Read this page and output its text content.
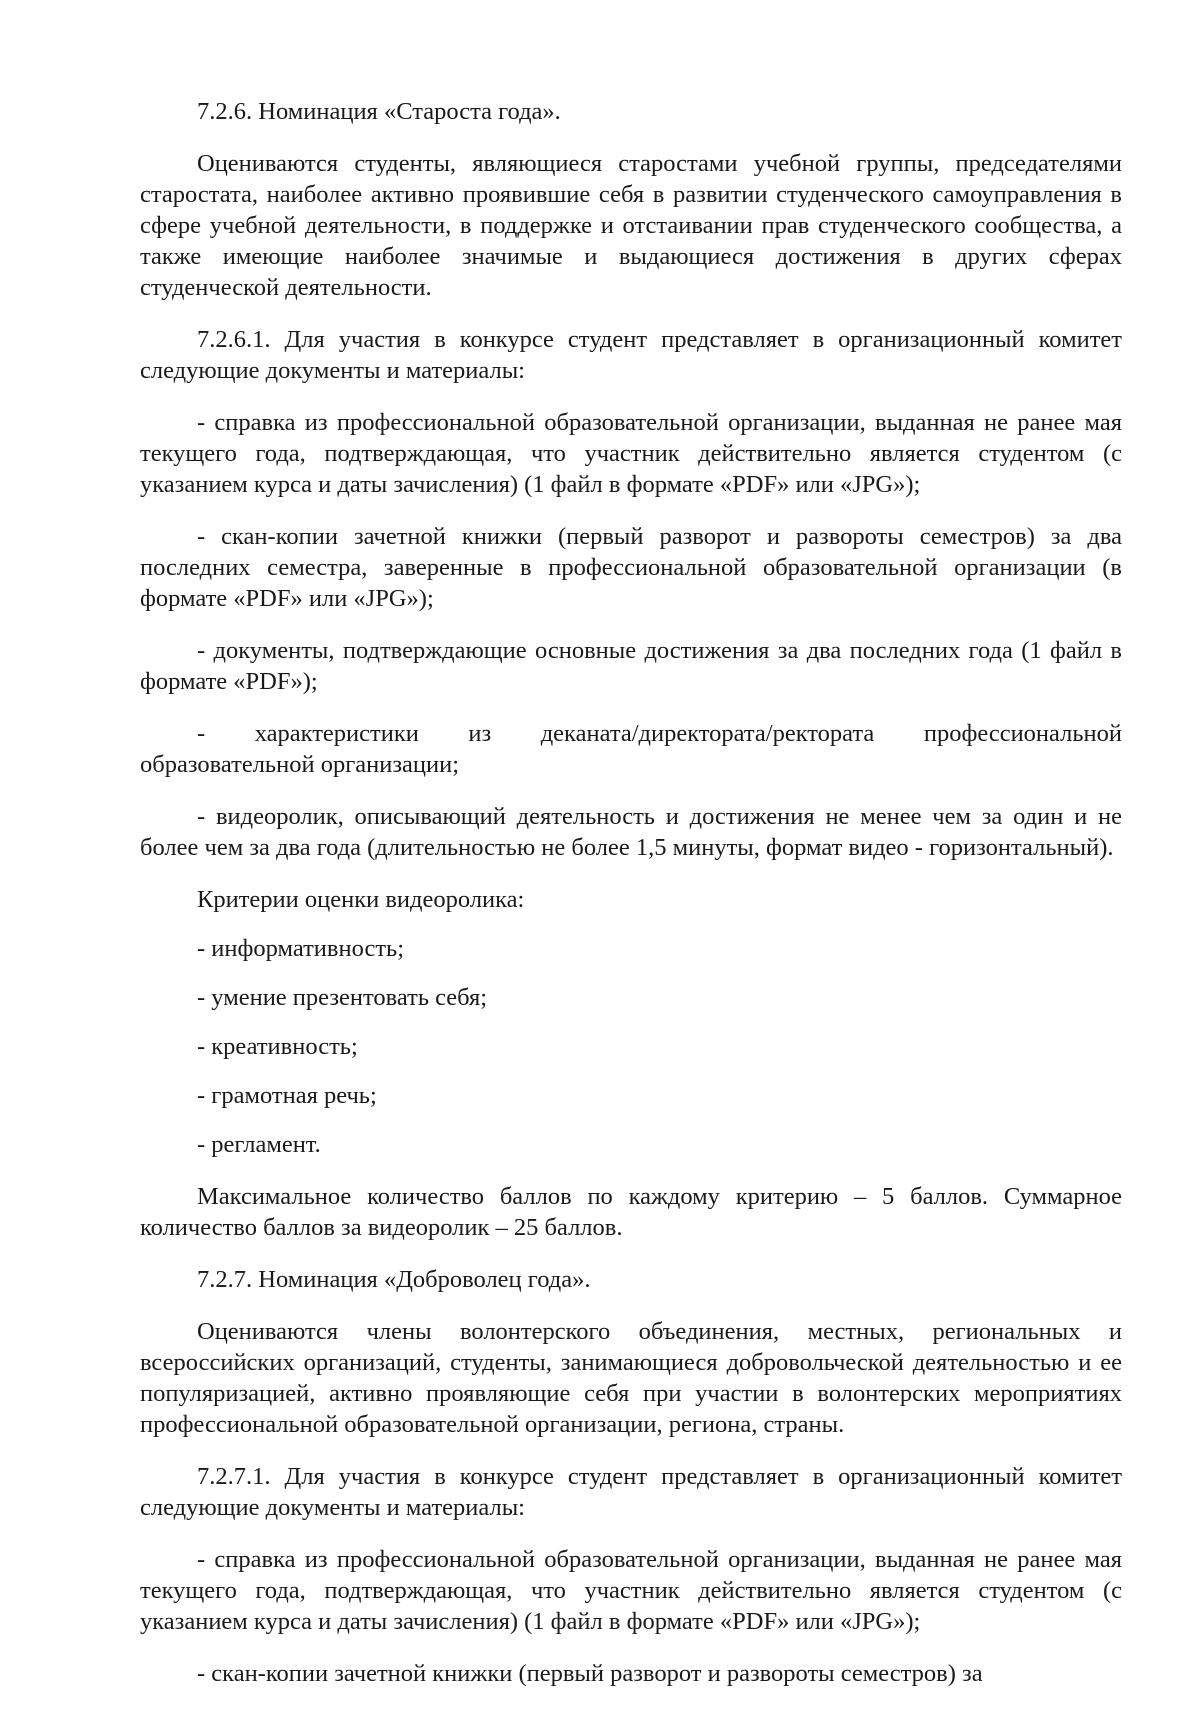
7.2.6. Номинация «Староста года».

Оцениваются студенты, являющиеся старостами учебной группы, председателями старостата, наиболее активно проявившие себя в развитии студенческого самоуправления в сфере учебной деятельности, в поддержке и отстаивании прав студенческого сообщества, а также имеющие наиболее значимые и выдающиеся достижения в других сферах студенческой деятельности.

7.2.6.1. Для участия в конкурсе студент представляет в организационный комитет следующие документы и материалы:

- справка из профессиональной образовательной организации, выданная не ранее мая текущего года, подтверждающая, что участник действительно является студентом (с указанием курса и даты зачисления) (1 файл в формате «PDF» или «JPG»);

- скан-копии зачетной книжки (первый разворот и развороты семестров) за два последних семестра, заверенные в профессиональной образовательной организации (в формате «PDF» или «JPG»);

- документы, подтверждающие основные достижения за два последних года (1 файл в формате «PDF»);

- характеристики из деканата/директората/ректората профессиональной образовательной организации;

- видеоролик, описывающий деятельность и достижения не менее чем за один и не более чем за два года (длительностью не более 1,5 минуты, формат видео - горизонтальный).

Критерии оценки видеоролика:

- информативность;

- умение презентовать себя;

- креативность;

- грамотная речь;

- регламент.

Максимальное количество баллов по каждому критерию – 5 баллов. Суммарное количество баллов за видеоролик – 25 баллов.

7.2.7. Номинация «Доброволец года».

Оцениваются члены волонтерского объединения, местных, региональных и всероссийских организаций, студенты, занимающиеся добровольческой деятельностью и ее популяризацией, активно проявляющие себя при участии в волонтерских мероприятиях профессиональной образовательной организации, региона, страны.

7.2.7.1. Для участия в конкурсе студент представляет в организационный комитет следующие документы и материалы:

- справка из профессиональной образовательной организации, выданная не ранее мая текущего года, подтверждающая, что участник действительно является студентом (с указанием курса и даты зачисления) (1 файл в формате «PDF» или «JPG»);

- скан-копии зачетной книжки (первый разворот и развороты семестров) за
